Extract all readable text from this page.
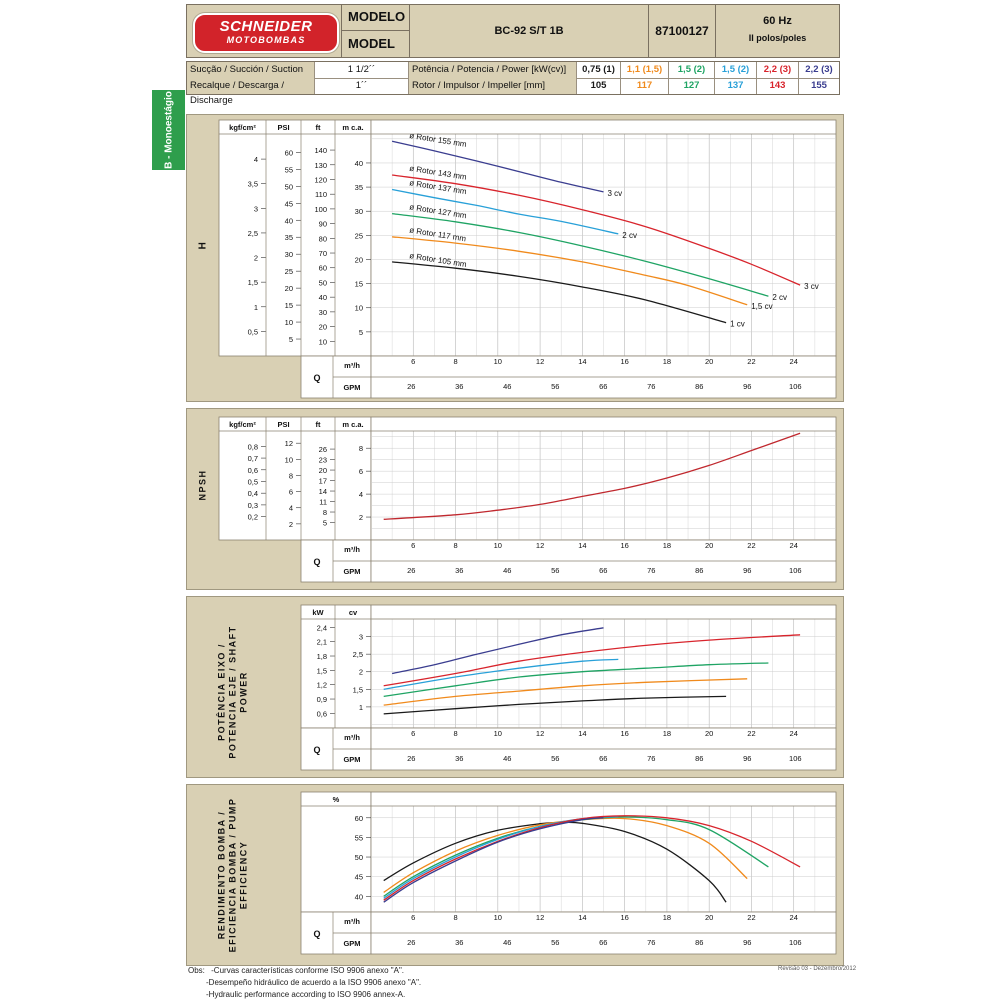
SCHNEIDER
MOTOBOMBAS
MODELO
MODEL
BC-92 S/T 1B	87100127
60 Hz
II polos/poles
Sucção / Succión / Suction	1 1/2´´	Potência / Potencia / Power [kW(cv)]	0,75 (1)	1,1 (1,5)	1,5 (2)	1,5 (2)	2,2 (3)	2,2 (3)
Recalque / Descarga / Discharge
1´´	Rotor / Impulsor / Impeller [mm]	105	117	127	137	143	155
B - Monoestágio
H
NPSH
POTÊNCIA EIXO / POTENCIA EJE / SHAFT POWER
RENDIMENTO BOMBA / EFICIENCIA BOMBA / PUMP EFFICIENCY
kgf/cm²
4
3,5
3
2,5
2
1,5
1
0,5
PSI
60
55
50
45
40
35
30
25
20
15
10
5
ft
140
130
120
110
100
90
80
70
60
50
40
30
20
10
m c.a.
40
35
30
25
20
15
10
5
Q
m³/h
GPM
6	8	10	12	14	16	18	20	22	24
26	36	46	56	66	76	86	96	106
ø Rotor 155 mm
3 cv
ø Rotor 143 mm
3 cv
ø Rotor 137 mm
2 cv
ø Rotor 127 mm
2 cv
ø Rotor 117 mm
1,5 cv
ø Rotor 105 mm
1 cv
kgf/cm²
0,8
0,7
0,6
0,5
0,4
0,3
0,2
PSI
12
10
8
6
4
2
ft
26
23
20
17
14
11
8
5
m c.a.
8
6
4
2
Q
m³/h
GPM
6	8	10	12	14	16	18	20	22	24
26	36	46	56	66	76	86	96	106
kW
2,4
2,1
1,8
1,5
1,2
0,9
0,6
cv
3
2,5
2
1,5
1
Q
m³/h
GPM
6	8	10	12	14	16	18	20	22	24
26	36	46	56	66	76	86	96	106
%
60
55
50
45
40
Q
m³/h
GPM
6	8	10	12	14	16	18	20	22	24
26	36	46	56	66	76	86	96	106
Obs: -Curvas características conforme ISO 9906 anexo "A".
-Desempeño hidráulico de acuerdo a la ISO 9906 anexo "A".
-Hydraulic performance according to ISO 9906 annex-A.
Revisão 03 - Dezembro/2012
